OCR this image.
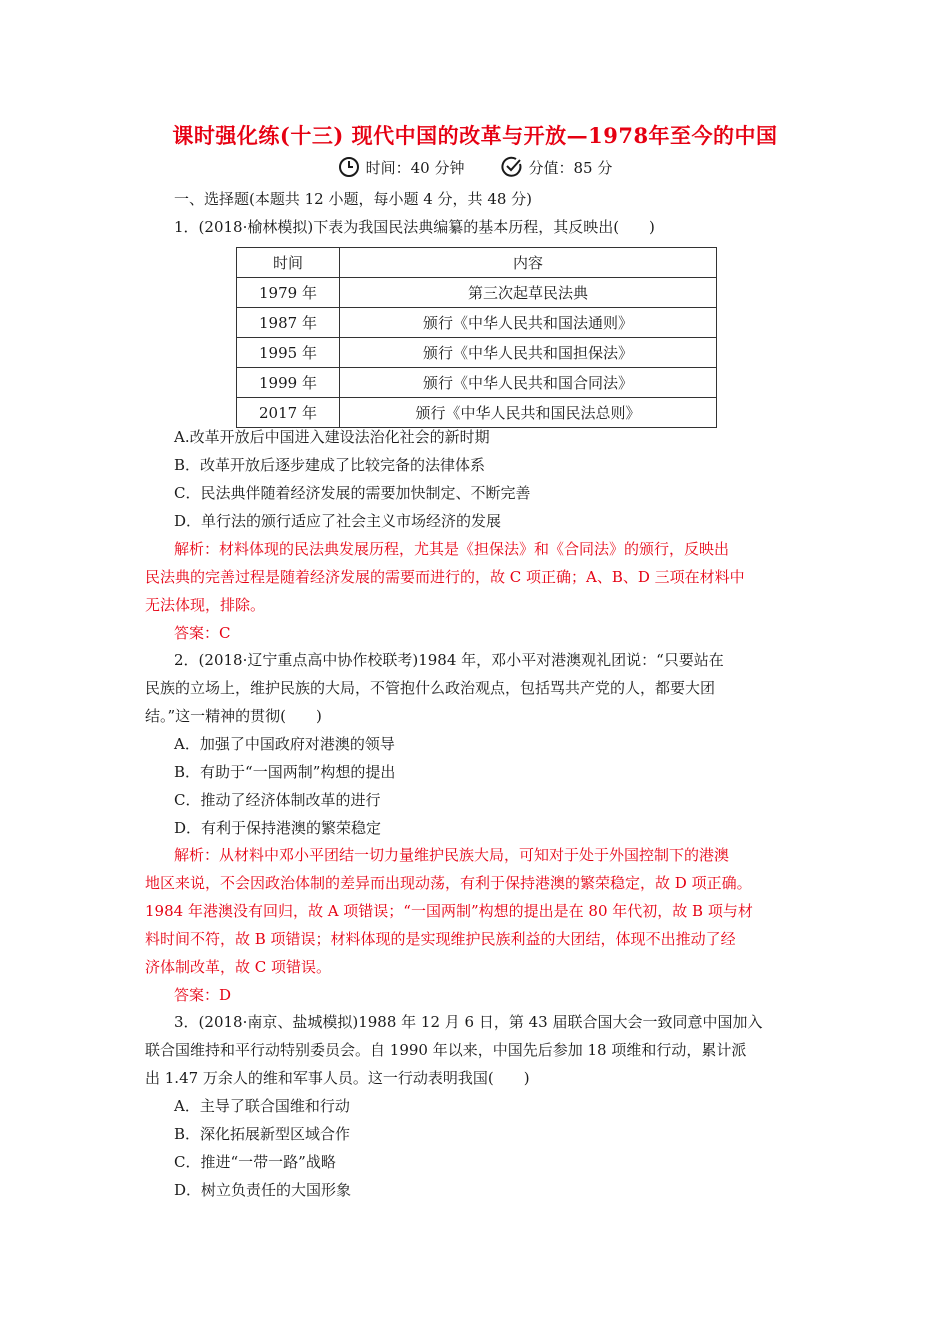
课时强化练(十三) 现代中国的改革与开放—1978年至今的中国
时间：40 分钟	分值：85 分
一、选择题(本题共 12 小题，每小题 4 分，共 48 分)
1．(2018·榆林模拟)下表为我国民法典编纂的基本历程，其反映出(　　)
时间	内容
1979 年	第三次起草民法典
1987 年	颁行《中华人民共和国法通则》
1995 年	颁行《中华人民共和国担保法》
1999 年	颁行《中华人民共和国合同法》
2017 年	颁行《中华人民共和国民法总则》
A.改革开放后中国进入建设法治化社会的新时期
B．改革开放后逐步建成了比较完备的法律体系
C．民法典伴随着经济发展的需要加快制定、不断完善
D．单行法的颁行适应了社会主义市场经济的发展
解析：材料体现的民法典发展历程，尤其是《担保法》和《合同法》的颁行，反映出
民法典的完善过程是随着经济发展的需要而进行的，故 C 项正确；A、B、D 三项在材料中
无法体现，排除。
答案：C
2．(2018·辽宁重点高中协作校联考)1984 年，邓小平对港澳观礼团说：“只要站在
民族的立场上，维护民族的大局，不管抱什么政治观点，包括骂共产党的人，都要大团
结。”这一精神的贯彻(　　)
A．加强了中国政府对港澳的领导
B．有助于“一国两制”构想的提出
C．推动了经济体制改革的进行
D．有利于保持港澳的繁荣稳定
解析：从材料中邓小平团结一切力量维护民族大局，可知对于处于外国控制下的港澳
地区来说，不会因政治体制的差异而出现动荡，有利于保持港澳的繁荣稳定，故 D 项正确。
1984 年港澳没有回归，故 A 项错误；“一国两制”构想的提出是在 80 年代初，故 B 项与材
料时间不符，故 B 项错误；材料体现的是实现维护民族利益的大团结，体现不出推动了经
济体制改革，故 C 项错误。
答案：D
3．(2018·南京、盐城模拟)1988 年 12 月 6 日，第 43 届联合国大会一致同意中国加入
联合国维持和平行动特别委员会。自 1990 年以来，中国先后参加 18 项维和行动，累计派
出 1.47 万余人的维和军事人员。这一行动表明我国(　　)
A．主导了联合国维和行动
B．深化拓展新型区域合作
C．推进“一带一路”战略
D．树立负责任的大国形象
